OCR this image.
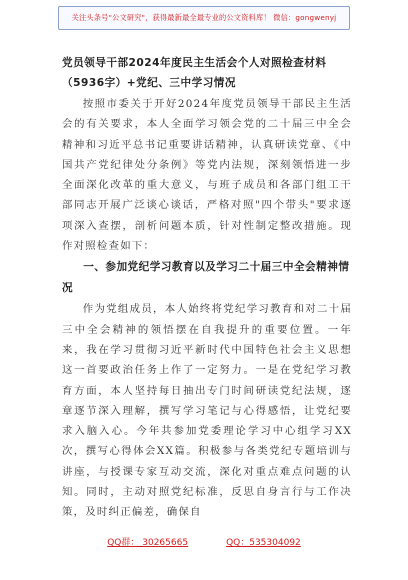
关注头条号"公文研究"，获得最新最全最专业的公文资料库！ 微信：gongwenyj
党员领导干部2024年度民主生活会个人对照检查材料（5936字）+党纪、三中学习情况

按照市委关于开好2024年度党员领导干部民主生活会的有关要求，本人全面学习领会党的二十届三中全会精神和习近平总书记重要讲话精神，认真研读党章、《中国共产党纪律处分条例》等党内法规，深刻领悟进一步全面深化改革的重大意义，与班子成员和各部门组工干部同志开展广泛谈心谈话，严格对照"四个带头"要求逐项深入查摆，剖析问题本质，针对性制定整改措施。现作对照检查如下：

一、参加党纪学习教育以及学习二十届三中全会精神情况

作为党组成员，本人始终将党纪学习教育和对二十届三中全会精神的领悟摆在自我提升的重要位置。一年来，我在学习贯彻习近平新时代中国特色社会主义思想这一首要政治任务上作了一定努力。一是在党纪学习教育方面，本人坚持每日抽出专门时间研读党纪法规，逐章逐节深入理解，撰写学习笔记与心得感悟，让党纪要求入脑入心。今年共参加党委理论学习中心组学习XX次，撰写心得体会XX篇。积极参与各类党纪专题培训与讲座，与授课专家互动交流，深化对重点难点问题的认知。同时，主动对照党纪标准，反思自身言行与工作决策，及时纠正偏差，确保自

QQ群： 30265665	QQ：535304092
